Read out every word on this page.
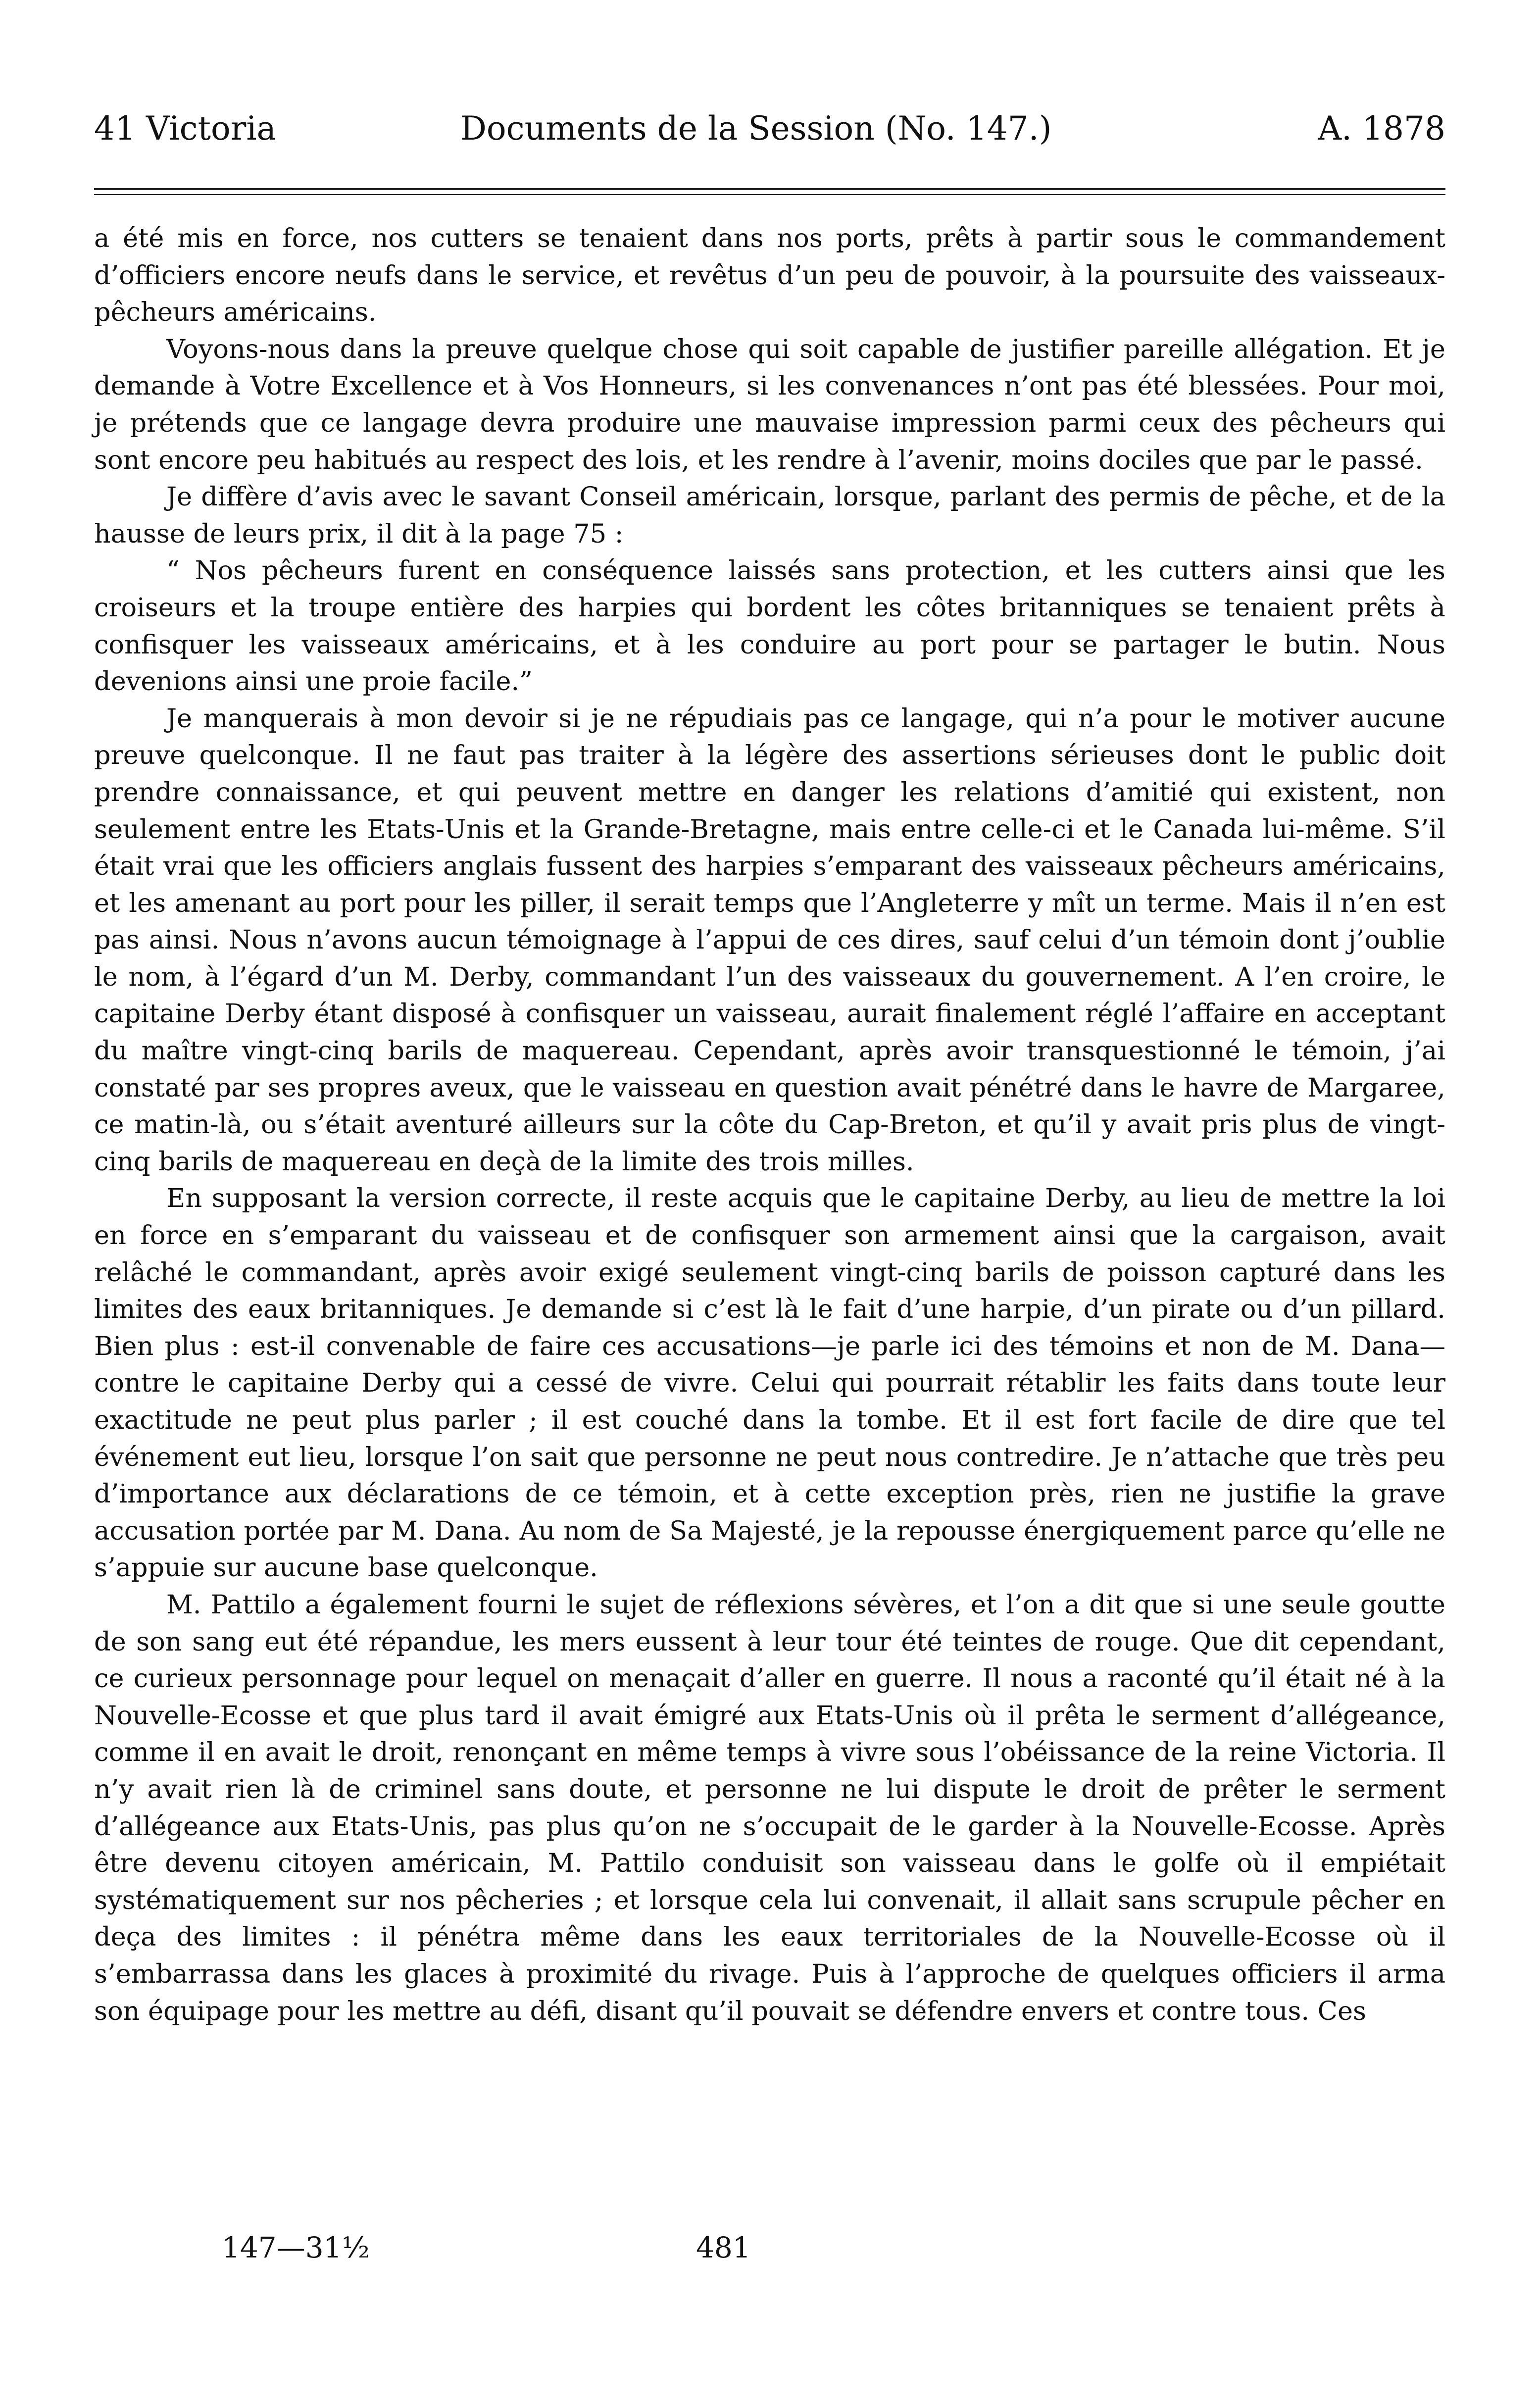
41 Victoria	Documents de la Session (No. 147.)	A. 1878

a été mis en force, nos cutters se tenaient dans nos ports, prêts à partir sous le commandement d’officiers encore neufs dans le service, et revêtus d’un peu de pouvoir, à la poursuite des vaisseaux-pêcheurs américains.

Voyons-nous dans la preuve quelque chose qui soit capable de justifier pareille allégation. Et je demande à Votre Excellence et à Vos Honneurs, si les convenances n’ont pas été blessées. Pour moi, je prétends que ce langage devra produire une mauvaise impression parmi ceux des pêcheurs qui sont encore peu habitués au respect des lois, et les rendre à l’avenir, moins dociles que par le passé.

Je diffère d’avis avec le savant Conseil américain, lorsque, parlant des permis de pêche, et de la hausse de leurs prix, il dit à la page 75 :

“ Nos pêcheurs furent en conséquence laissés sans protection, et les cutters ainsi que les croiseurs et la troupe entière des harpies qui bordent les côtes britanniques se tenaient prêts à confisquer les vaisseaux américains, et à les conduire au port pour se partager le butin. Nous devenions ainsi une proie facile.”

Je manquerais à mon devoir si je ne répudiais pas ce langage, qui n’a pour le motiver aucune preuve quelconque. Il ne faut pas traiter à la légère des assertions sérieuses dont le public doit prendre connaissance, et qui peuvent mettre en danger les relations d’amitié qui existent, non seulement entre les Etats-Unis et la Grande-Bretagne, mais entre celle-ci et le Canada lui-même. S’il était vrai que les officiers anglais fussent des harpies s’emparant des vaisseaux pêcheurs américains, et les amenant au port pour les piller, il serait temps que l’Angleterre y mît un terme. Mais il n’en est pas ainsi. Nous n’avons aucun témoignage à l’appui de ces dires, sauf celui d’un témoin dont j’oublie le nom, à l’égard d’un M. Derby, commandant l’un des vaisseaux du gouvernement. A l’en croire, le capitaine Derby étant disposé à confisquer un vaisseau, aurait finalement réglé l’affaire en acceptant du maître vingt-cinq barils de maquereau. Cependant, après avoir transquestionné le témoin, j’ai constaté par ses propres aveux, que le vaisseau en question avait pénétré dans le havre de Margaree, ce matin-là, ou s’était aventuré ailleurs sur la côte du Cap-Breton, et qu’il y avait pris plus de vingt-cinq barils de maquereau en deçà de la limite des trois milles.

En supposant la version correcte, il reste acquis que le capitaine Derby, au lieu de mettre la loi en force en s’emparant du vaisseau et de confisquer son armement ainsi que la cargaison, avait relâché le commandant, après avoir exigé seulement vingt-cinq barils de poisson capturé dans les limites des eaux britanniques. Je demande si c’est là le fait d’une harpie, d’un pirate ou d’un pillard. Bien plus : est-il convenable de faire ces accusations—je parle ici des témoins et non de M. Dana—contre le capitaine Derby qui a cessé de vivre. Celui qui pourrait rétablir les faits dans toute leur exactitude ne peut plus parler ; il est couché dans la tombe. Et il est fort facile de dire que tel événement eut lieu, lorsque l’on sait que personne ne peut nous contredire. Je n’attache que très peu d’importance aux déclarations de ce témoin, et à cette exception près, rien ne justifie la grave accusation portée par M. Dana. Au nom de Sa Majesté, je la repousse énergiquement parce qu’elle ne s’appuie sur aucune base quelconque.

M. Pattilo a également fourni le sujet de réflexions sévères, et l’on a dit que si une seule goutte de son sang eut été répandue, les mers eussent à leur tour été teintes de rouge. Que dit cependant, ce curieux personnage pour lequel on menaçait d’aller en guerre. Il nous a raconté qu’il était né à la Nouvelle-Ecosse et que plus tard il avait émigré aux Etats-Unis où il prêta le serment d’allégeance, comme il en avait le droit, renonçant en même temps à vivre sous l’obéissance de la reine Victoria. Il n’y avait rien là de criminel sans doute, et personne ne lui dispute le droit de prêter le serment d’allégeance aux Etats-Unis, pas plus qu’on ne s’occupait de le garder à la Nouvelle-Ecosse. Après être devenu citoyen américain, M. Pattilo conduisit son vaisseau dans le golfe où il empiétait systématiquement sur nos pêcheries ; et lorsque cela lui convenait, il allait sans scrupule pêcher en deça des limites : il pénétra même dans les eaux territoriales de la Nouvelle-Ecosse où il s’embarrassa dans les glaces à proximité du rivage. Puis à l’approche de quelques officiers il arma son équipage pour les mettre au défi, disant qu’il pouvait se défendre envers et contre tous. Ces

147—31½	481
